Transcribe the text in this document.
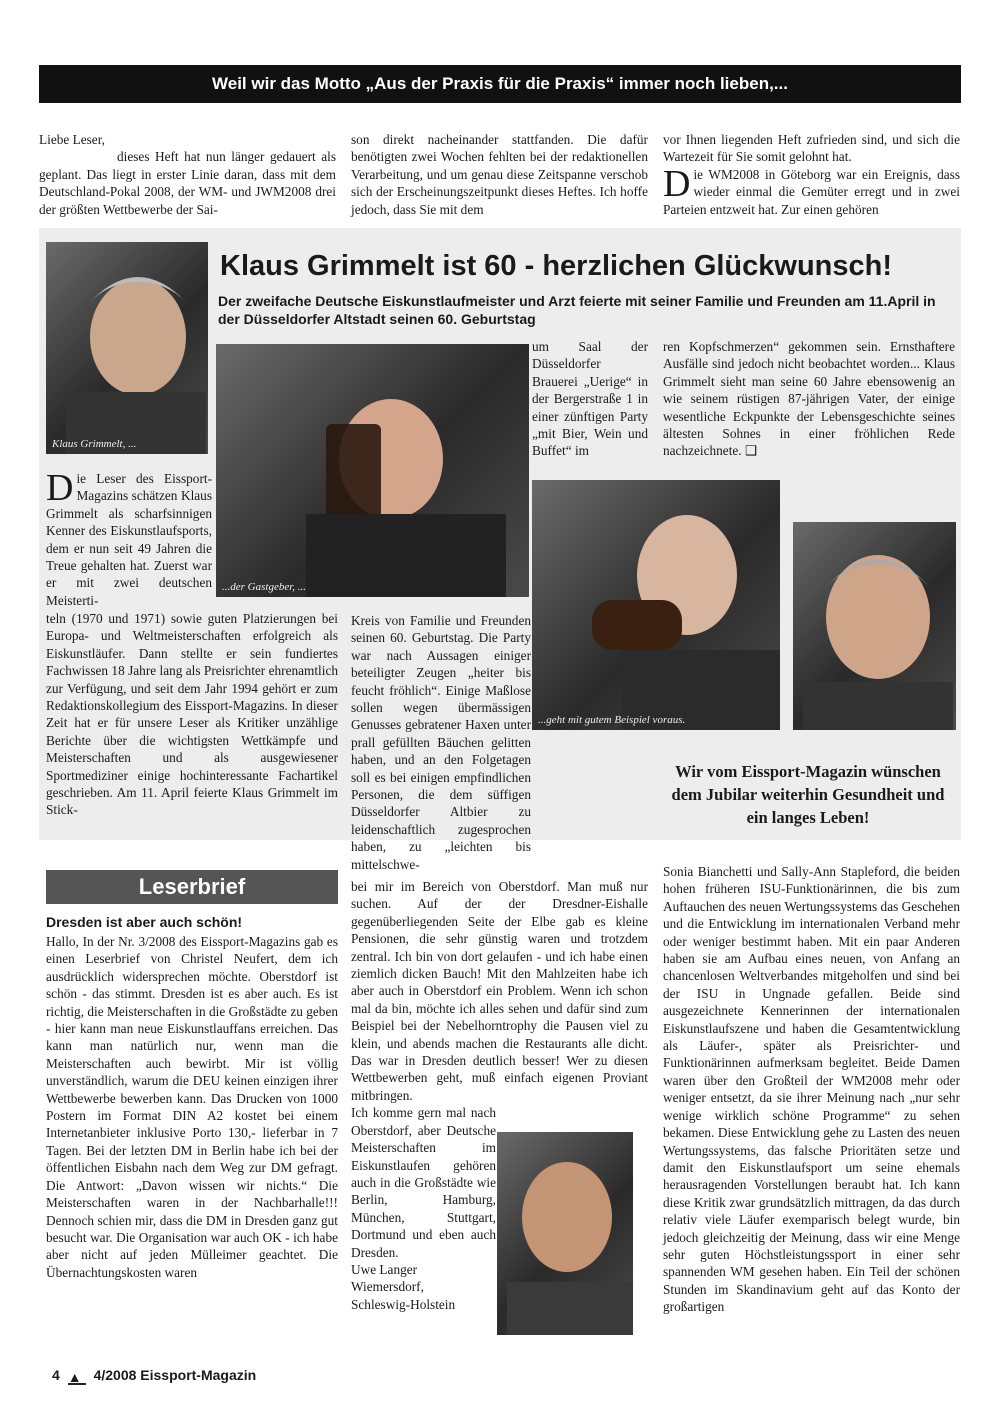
Weil wir das Motto „Aus der Praxis für die Praxis“ immer noch lieben,...

Liebe Leser,

dieses Heft hat nun länger gedauert als geplant. Das liegt in erster Linie daran, dass mit dem Deutschland-Pokal 2008, der WM- und JWM2008 drei der größten Wettbewerbe der Sai-

son direkt nacheinander stattfanden. Die dafür benötigten zwei Wochen fehlten bei der redaktionellen Verarbeitung, und um genau diese Zeitspanne verschob sich der Erscheinungszeitpunkt dieses Heftes. Ich hoffe jedoch, dass Sie mit dem

vor Ihnen liegenden Heft zufrieden sind, und sich die Wartezeit für Sie somit gelohnt hat.

Die WM2008 in Göteborg war ein Ereignis, dass wieder einmal die Gemüter erregt und in zwei Parteien entzweit hat. Zur einen gehören

Klaus Grimmelt, ...
Klaus Grimmelt ist 60 - herzlichen Glückwunsch!
Der zweifache Deutsche Eiskunstlaufmeister und Arzt feierte mit seiner Familie und Freunden am 11.April in der Düsseldorfer Altstadt seinen 60. Geburtstag
...der Gastgeber, ...

Die Leser des Eissport-Magazins schätzen Klaus Grimmelt als scharfsinnigen Kenner des Eiskunstlaufsports, dem er nun seit 49 Jahren die Treue gehalten hat. Zuerst war er mit zwei deutschen Meisterti-

teln (1970 und 1971) sowie guten Platzierungen bei Europa- und Weltmeisterschaften erfolgreich als Eiskunstläufer. Dann stellte er sein fundiertes Fachwissen 18 Jahre lang als Preisrichter ehrenamtlich zur Verfügung, und seit dem Jahr 1994 gehört er zum Redaktionskollegium des Eissport-Magazins. In dieser Zeit hat er für unsere Leser als Kritiker unzählige Berichte über die wichtigsten Wettkämpfe und Meisterschaften und als ausgewiesener Sportmediziner einige hochinteressante Fachartikel geschrieben. Am 11. April feierte Klaus Grimmelt im Stick-

um Saal der Düsseldorfer Brauerei „Uerige“ in der Bergerstraße 1 in einer zünftigen Party „mit Bier, Wein und Buffet“ im

Kreis von Familie und Freunden seinen 60. Geburtstag. Die Party war nach Aussagen einiger beteiligter Zeugen „heiter bis feucht fröhlich“. Einige Maßlose sollen wegen übermässigen Genusses gebratener Haxen unter prall gefüllten Bäuchen gelitten haben, und an den Folgetagen soll es bei einigen empfindlichen Personen, die dem süffigen Düsseldorfer Altbier zu leidenschaftlich zugesprochen haben, zu „leichten bis mittelschwe-

ren Kopfschmerzen“ gekommen sein. Ernsthaftere Ausfälle sind jedoch nicht beobachtet worden... Klaus Grimmelt sieht man seine 60 Jahre ebensowenig an wie seinem rüstigen 87-jährigen Vater, der einige wesentliche Eckpunkte der Lebensgeschichte seines ältesten Sohnes in einer fröhlichen Rede nachzeichnete. ❑

...geht mit gutem Beispiel voraus.
Wir vom Eissport-Magazin wünschen dem Jubilar weiterhin Gesundheit und ein langes Leben!
Leserbrief
Dresden ist aber auch schön!

Hallo, In der Nr. 3/2008 des Eissport-Magazins gab es einen Leserbrief von Christel Neufert, dem ich ausdrücklich widersprechen möchte. Oberstdorf ist schön - das stimmt. Dresden ist es aber auch. Es ist richtig, die Meisterschaften in die Großstädte zu geben - hier kann man neue Eiskunstlauffans erreichen. Das kann man natürlich nur, wenn man die Meisterschaften auch bewirbt. Mir ist völlig unverständlich, warum die DEU keinen einzigen ihrer Wettbewerbe bewerben kann. Das Drucken von 1000 Postern im Format DIN A2 kostet bei einem Internetanbieter inklusive Porto 130,- lieferbar in 7 Tagen. Bei der letzten DM in Berlin habe ich bei der öffentlichen Eisbahn nach dem Weg zur DM gefragt. Die Antwort: „Davon wissen wir nichts.“ Die Meisterschaften waren in der Nachbarhalle!!! Dennoch schien mir, dass die DM in Dresden ganz gut besucht war. Die Organisation war auch OK - ich habe aber nicht auf jeden Mülleimer geachtet. Die Übernachtungskosten waren

bei mir im Bereich von Oberstdorf. Man muß nur suchen. Auf der der Dresdner-Eishalle gegenüberliegenden Seite der Elbe gab es kleine Pensionen, die sehr günstig waren und trotzdem zentral. Ich bin von dort gelaufen - und ich habe einen ziemlich dicken Bauch! Mit den Mahlzeiten habe ich aber auch in Oberstdorf ein Problem. Wenn ich schon mal da bin, möchte ich alles sehen und dafür sind zum Beispiel bei der Nebelhorntrophy die Pausen viel zu klein, und abends machen die Restaurants alle dicht. Das war in Dresden deutlich besser! Wer zu diesen Wettbewerben geht, muß einfach eigenen Proviant mitbringen.

Ich komme gern mal nach Oberstdorf, aber Deutsche Meisterschaften im Eiskunstlaufen gehören auch in die Großstädte wie Berlin, Hamburg, München, Stuttgart, Dortmund und eben auch Dresden.

Uwe Langer

Wiemersdorf,

Schleswig-Holstein

Sonia Bianchetti und Sally-Ann Stapleford, die beiden hohen früheren ISU-Funktionärinnen, die bis zum Auftauchen des neuen Wertungssystems das Geschehen und die Entwicklung im internationalen Verband mehr oder weniger bestimmt haben. Mit ein paar Anderen haben sie am Aufbau eines neuen, von Anfang an chancenlosen Weltverbandes mitgeholfen und sind bei der ISU in Ungnade gefallen. Beide sind ausgezeichnete Kennerinnen der internationalen Eiskunstlaufszene und haben die Gesamtentwicklung als Läufer-, später als Preisrichter- und Funktionärinnen aufmerksam begleitet. Beide Damen waren über den Großteil der WM2008 mehr oder weniger entsetzt, da sie ihrer Meinung nach „nur sehr wenige wirklich schöne Programme“ zu sehen bekamen. Diese Entwicklung gehe zu Lasten des neuen Wertungssystems, das falsche Prioritäten setze und damit den Eiskunstlaufsport um seine ehemals herausragenden Vorstellungen beraubt hat. Ich kann diese Kritik zwar grundsätzlich mittragen, da das durch relativ viele Läufer exemparisch belegt wurde, bin jedoch gleichzeitig der Meinung, dass wir eine Menge sehr guten Höchstleistungssport in einer sehr spannenden WM gesehen haben. Ein Teil der schönen Stunden im Skandinavium geht auf das Konto der großartigen

4 ▲ 4/2008 Eissport-Magazin
